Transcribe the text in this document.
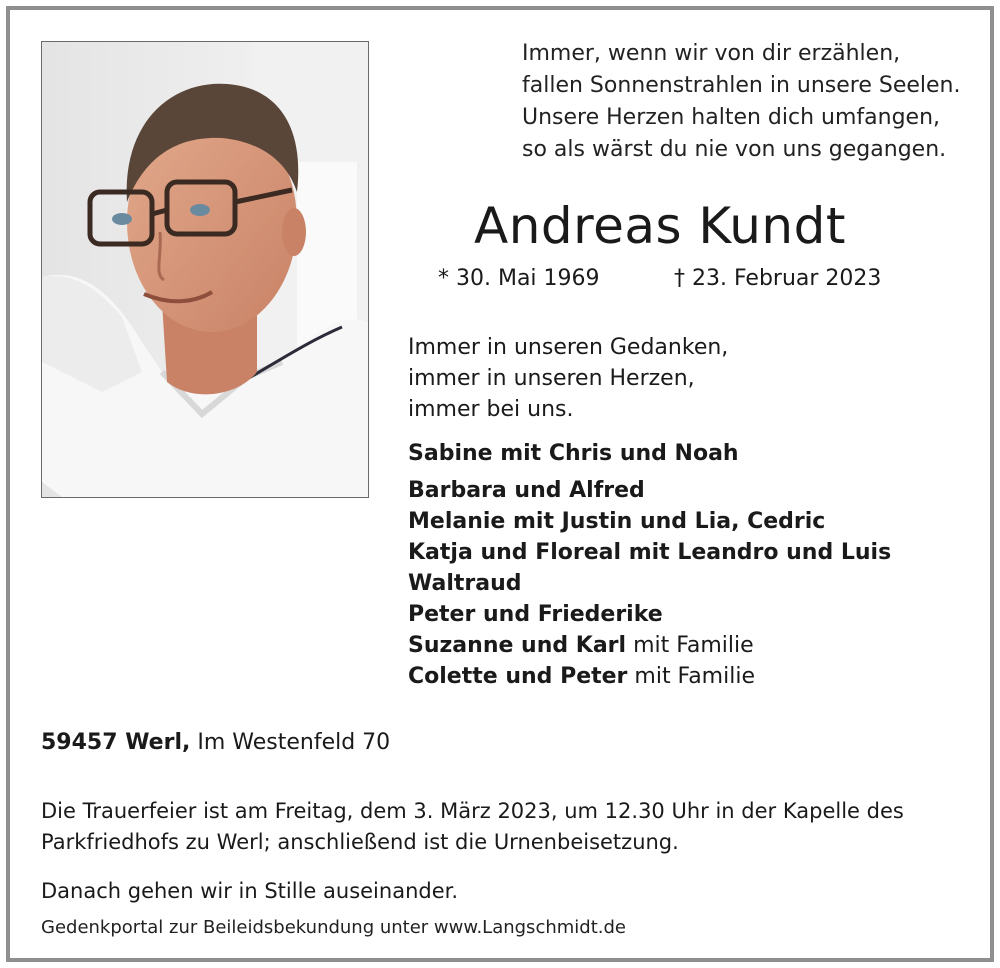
Immer, wenn wir von dir erzählen,
fallen Sonnenstrahlen in unsere Seelen.
Unsere Herzen halten dich umfangen,
so als wärst du nie von uns gegangen.
Andreas Kundt
* 30. Mai 1969	† 23. Februar 2023
Immer in unseren Gedanken,
immer in unseren Herzen,
immer bei uns.
Sabine mit Chris und Noah
Barbara und Alfred
Melanie mit Justin und Lia, Cedric
Katja und Floreal mit Leandro und Luis
Waltraud
Peter und Friederike
Suzanne und Karl mit Familie
Colette und Peter mit Familie
59457 Werl, Im Westenfeld 70
Die Trauerfeier ist am Freitag, dem 3. März 2023, um 12.30 Uhr in der Kapelle des
Parkfriedhofs zu Werl; anschließend ist die Urnenbeisetzung.
Danach gehen wir in Stille auseinander.
Gedenkportal zur Beileidsbekundung unter www.Langschmidt.de
